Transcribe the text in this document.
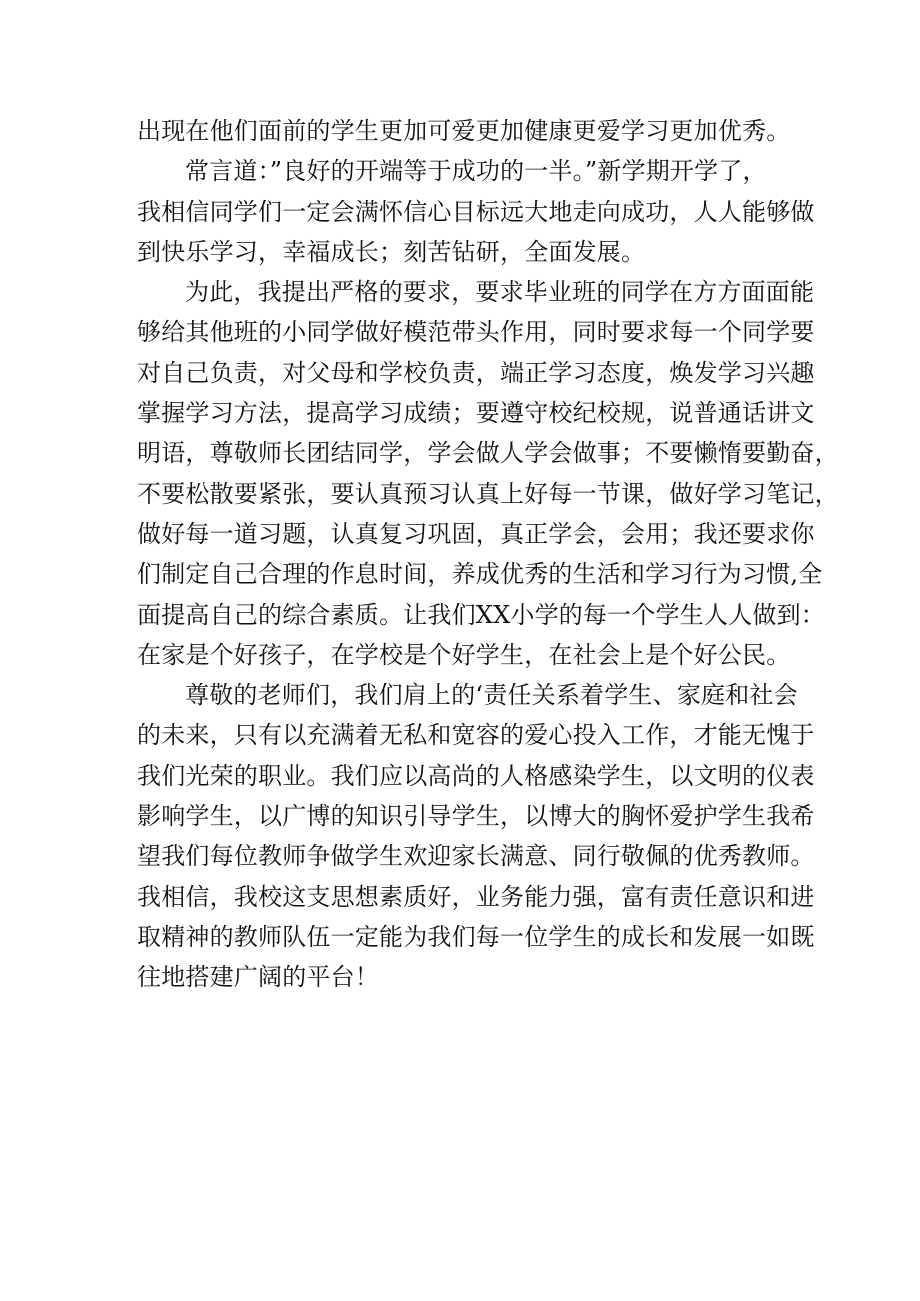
出现在他们面前的学生更加可爱更加健康更爱学习更加优秀。
常言道：”良好的开端等于成功的一半。”新学期开学了，
我相信同学们一定会满怀信心目标远大地走向成功，人人能够做
到快乐学习，幸福成长；刻苦钻研，全面发展。
为此，我提出严格的要求，要求毕业班的同学在方方面面能
够给其他班的小同学做好模范带头作用，同时要求每一个同学要
对自己负责，对父母和学校负责，端正学习态度，焕发学习兴趣
掌握学习方法，提高学习成绩；要遵守校纪校规，说普通话讲文
明语，尊敬师长团结同学，学会做人学会做事；不要懒惰要勤奋，
不要松散要紧张，要认真预习认真上好每一节课，做好学习笔记，
做好每一道习题，认真复习巩固，真正学会，会用；我还要求你
们制定自己合理的作息时间，养成优秀的生活和学习行为习惯,全
面提高自己的综合素质。让我们XX小学的每一个学生人人做到：
在家是个好孩子，在学校是个好学生，在社会上是个好公民。
尊敬的老师们，我们肩上的‘责任关系着学生、家庭和社会
的未来，只有以充满着无私和宽容的爱心投入工作，才能无愧于
我们光荣的职业。我们应以高尚的人格感染学生，以文明的仪表
影响学生，以广博的知识引导学生，以博大的胸怀爱护学生我希
望我们每位教师争做学生欢迎家长满意、同行敬佩的优秀教师。
我相信，我校这支思想素质好，业务能力强，富有责任意识和进
取精神的教师队伍一定能为我们每一位学生的成长和发展一如既
往地搭建广阔的平台！
